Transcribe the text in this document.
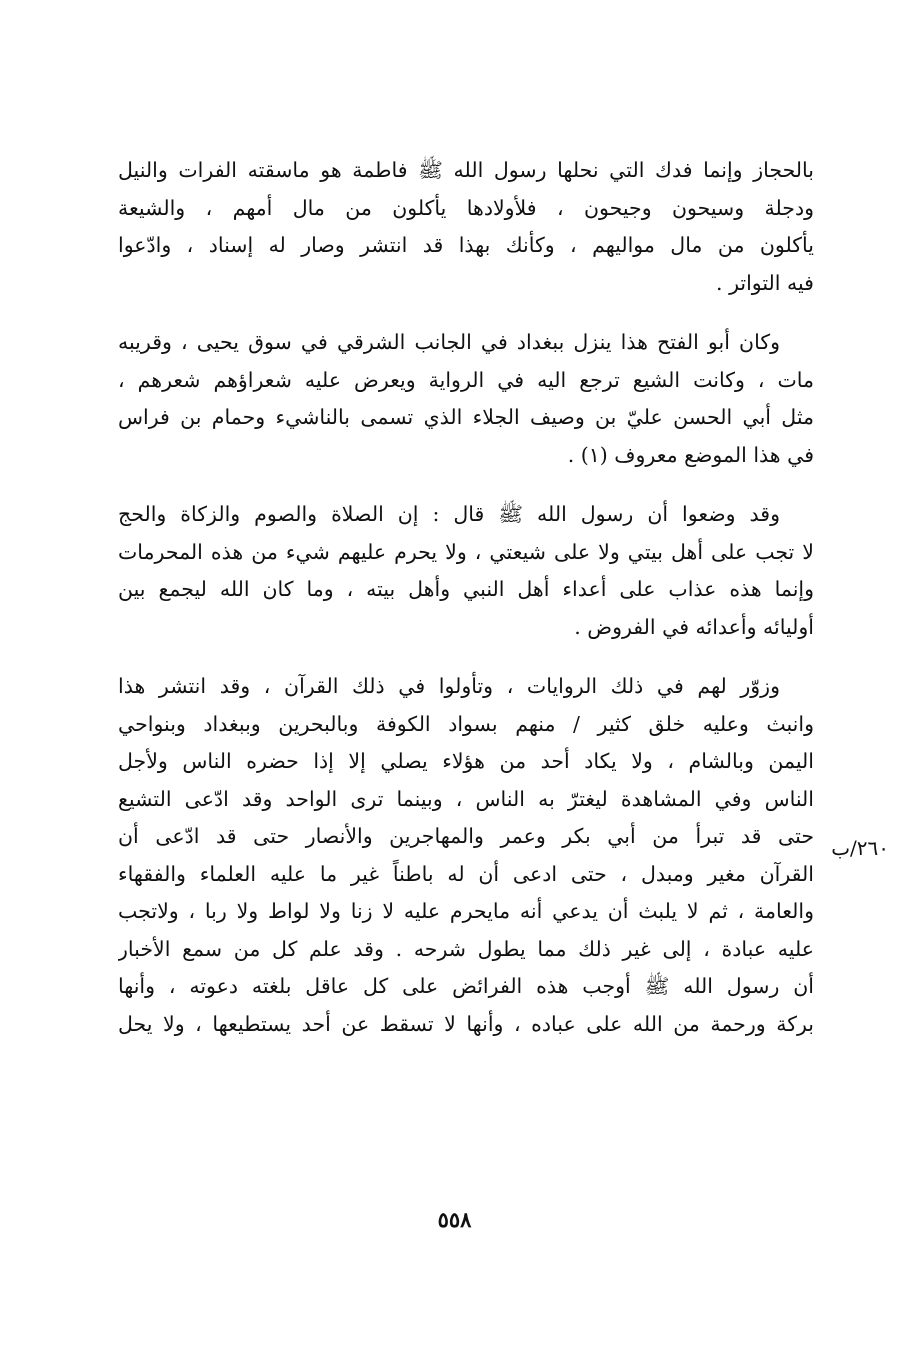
بالحجاز وإنما فدك التي نحلها رسول الله ﷺ فاطمة هو ماسقته الفرات والنيل
ودجلة وسيحون وجيحون ، فلأولادها يأكلون من مال أمهم ، والشيعة
يأكلون من مال مواليهم ، وكأنك بهذا قد انتشر وصار له إسناد ، وادّعوا
فيه التواتر .
وكان أبو الفتح هذا ينزل ببغداد في الجانب الشرقي في سوق يحيى ، وقريبه
مات ، وكانت الشيع ترجع اليه في الرواية ويعرض عليه شعراؤهم شعرهم ،
مثل أبي الحسن عليّ بن وصيف الجلاء الذي تسمى بالناشيء وحمام بن فراس
في هذا الموضع معروف (١) .
وقد وضعوا أن رسول الله ﷺ قال : إن الصلاة والصوم والزكاة والحج
لا تجب على أهل بيتي ولا على شيعتي ، ولا يحرم عليهم شيء من هذه المحرمات
وإنما هذه عذاب على أعداء أهل النبي وأهل بيته ، وما كان الله ليجمع بين
أوليائه وأعدائه في الفروض .
وزوّر لهم في ذلك الروايات ، وتأولوا في ذلك القرآن ، وقد انتشر هذا
وانبث وعليه خلق كثير / منهم بسواد الكوفة وبالبحرين وببغداد وبنواحي
اليمن وبالشام ، ولا يكاد أحد من هؤلاء يصلي إلا إذا حضره الناس ولأجل
الناس وفي المشاهدة ليغترّ به الناس ، وبينما ترى الواحد وقد ادّعى التشيع
حتى قد تبرأ من أبي بكر وعمر والمهاجرين والأنصار حتى قد ادّعى أن
القرآن مغير ومبدل ، حتى ادعى أن له باطناً غير ما عليه العلماء والفقهاء
والعامة ، ثم لا يلبث أن يدعي أنه مايحرم عليه لا زنا ولا لواط ولا ربا ، ولاتجب
عليه عبادة ، إلى غير ذلك مما يطول شرحه . وقد علم كل من سمع الأخبار
أن رسول الله ﷺ أوجب هذه الفرائض على كل عاقل بلغته دعوته ، وأنها
بركة ورحمة من الله على عباده ، وأنها لا تسقط عن أحد يستطيعها ، ولا يحل
٢٦٠/ب
٥٥٨
